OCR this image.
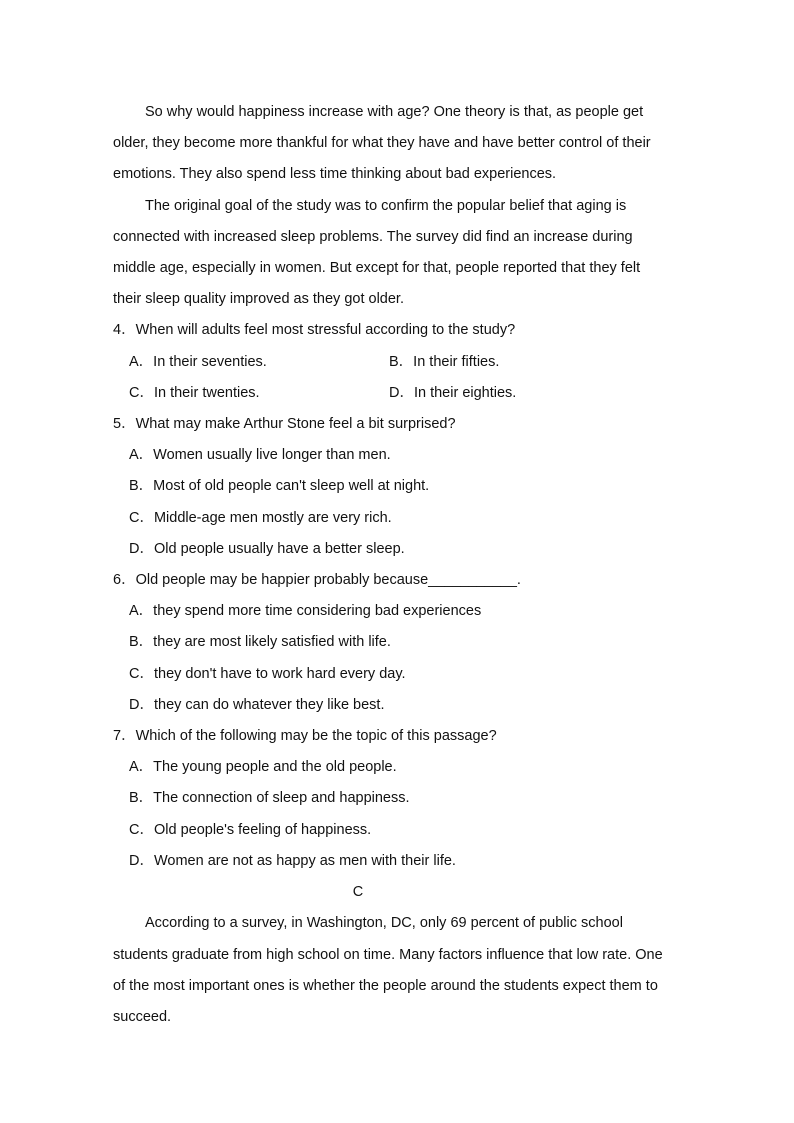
So why would happiness increase with age? One theory is that, as people get
older, they become more thankful for what they have and have better control of their
emotions. They also spend less time thinking about bad experiences.
The original goal of the study was to confirm the popular belief that aging is
connected with increased sleep problems. The survey did find an increase during
middle age, especially in women. But except for that, people reported that they felt
their sleep quality improved as they got older.
4．When will adults feel most stressful according to the study?
A．In their seventies.	B．In their fifties.
C．In their twenties.	D．In their eighties.
5．What may make Arthur Stone feel a bit surprised?
A．Women usually live longer than men.
B．Most of old people can't sleep well at night.
C．Middle-age men mostly are very rich.
D．Old people usually have a better sleep.
6．Old people may be happier probably because___________.
A．they spend more time considering bad experiences
B．they are most likely satisfied with life.
C．they don't have to work hard every day.
D．they can do whatever they like best.
7．Which of the following may be the topic of this passage?
A．The young people and the old people.
B．The connection of sleep and happiness.
C．Old people's feeling of happiness.
D．Women are not as happy as men with their life.
C
According to a survey, in Washington, DC, only 69 percent of public school
students graduate from high school on time. Many factors influence that low rate. One
of the most important ones is whether the people around the students expect them to
succeed.
